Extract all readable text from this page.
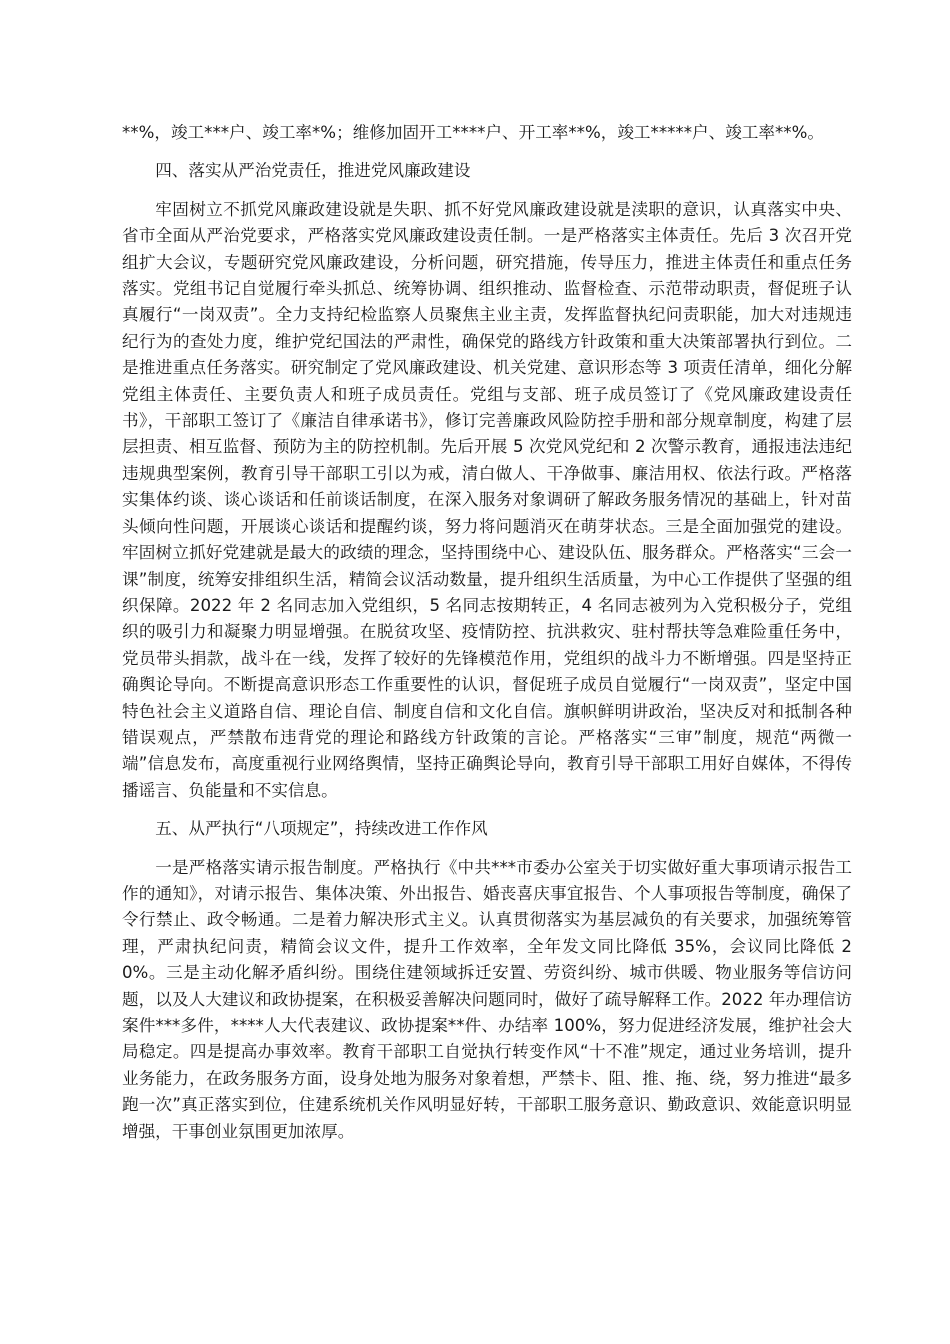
**%，竣工***户、竣工率*%；维修加固开工****户、开工率**%，竣工*****户、竣工率**%。

四、落实从严治党责任，推进党风廉政建设

牢固树立不抓党风廉政建设就是失职、抓不好党风廉政建设就是渎职的意识，认真落实中央、省市全面从严治党要求，严格落实党风廉政建设责任制。一是严格落实主体责任。先后 3 次召开党组扩大会议，专题研究党风廉政建设，分析问题，研究措施，传导压力，推进主体责任和重点任务落实。党组书记自觉履行牵头抓总、统筹协调、组织推动、监督检查、示范带动职责，督促班子认真履行“一岗双责”。全力支持纪检监察人员聚焦主业主责，发挥监督执纪问责职能，加大对违规违纪行为的查处力度，维护党纪国法的严肃性，确保党的路线方针政策和重大决策部署执行到位。二是推进重点任务落实。研究制定了党风廉政建设、机关党建、意识形态等 3 项责任清单，细化分解党组主体责任、主要负责人和班子成员责任。党组与支部、班子成员签订了《党风廉政建设责任书》，干部职工签订了《廉洁自律承诺书》，修订完善廉政风险防控手册和部分规章制度，构建了层层担责、相互监督、预防为主的防控机制。先后开展 5 次党风党纪和 2 次警示教育，通报违法违纪违规典型案例，教育引导干部职工引以为戒，清白做人、干净做事、廉洁用权、依法行政。严格落实集体约谈、谈心谈话和任前谈话制度，在深入服务对象调研了解政务服务情况的基础上，针对苗头倾向性问题，开展谈心谈话和提醒约谈，努力将问题消灭在萌芽状态。三是全面加强党的建设。牢固树立抓好党建就是最大的政绩的理念，坚持围绕中心、建设队伍、服务群众。严格落实“三会一课”制度，统筹安排组织生活，精简会议活动数量，提升组织生活质量，为中心工作提供了坚强的组织保障。2022 年 2 名同志加入党组织，5 名同志按期转正，4 名同志被列为入党积极分子，党组织的吸引力和凝聚力明显增强。在脱贫攻坚、疫情防控、抗洪救灾、驻村帮扶等急难险重任务中，党员带头捐款，战斗在一线，发挥了较好的先锋模范作用，党组织的战斗力不断增强。四是坚持正确舆论导向。不断提高意识形态工作重要性的认识，督促班子成员自觉履行“一岗双责”，坚定中国特色社会主义道路自信、理论自信、制度自信和文化自信。旗帜鲜明讲政治，坚决反对和抵制各种错误观点，严禁散布违背党的理论和路线方针政策的言论。严格落实“三审”制度，规范“两微一端”信息发布，高度重视行业网络舆情，坚持正确舆论导向，教育引导干部职工用好自媒体，不得传播谣言、负能量和不实信息。

五、从严执行“八项规定”，持续改进工作作风

一是严格落实请示报告制度。严格执行《中共***市委办公室关于切实做好重大事项请示报告工作的通知》，对请示报告、集体决策、外出报告、婚丧喜庆事宜报告、个人事项报告等制度，确保了令行禁止、政令畅通。二是着力解决形式主义。认真贯彻落实为基层减负的有关要求，加强统筹管理，严肃执纪问责，精简会议文件，提升工作效率，全年发文同比降低 35%，会议同比降低 20%。三是主动化解矛盾纠纷。围绕住建领域拆迁安置、劳资纠纷、城市供暖、物业服务等信访问题，以及人大建议和政协提案，在积极妥善解决问题同时，做好了疏导解释工作。2022 年办理信访案件***多件，****人大代表建议、政协提案**件、办结率 100%，努力促进经济发展，维护社会大局稳定。四是提高办事效率。教育干部职工自觉执行转变作风“十不准”规定，通过业务培训，提升业务能力，在政务服务方面，设身处地为服务对象着想，严禁卡、阻、推、拖、绕，努力推进“最多跑一次”真正落实到位，住建系统机关作风明显好转，干部职工服务意识、勤政意识、效能意识明显增强，干事创业氛围更加浓厚。
